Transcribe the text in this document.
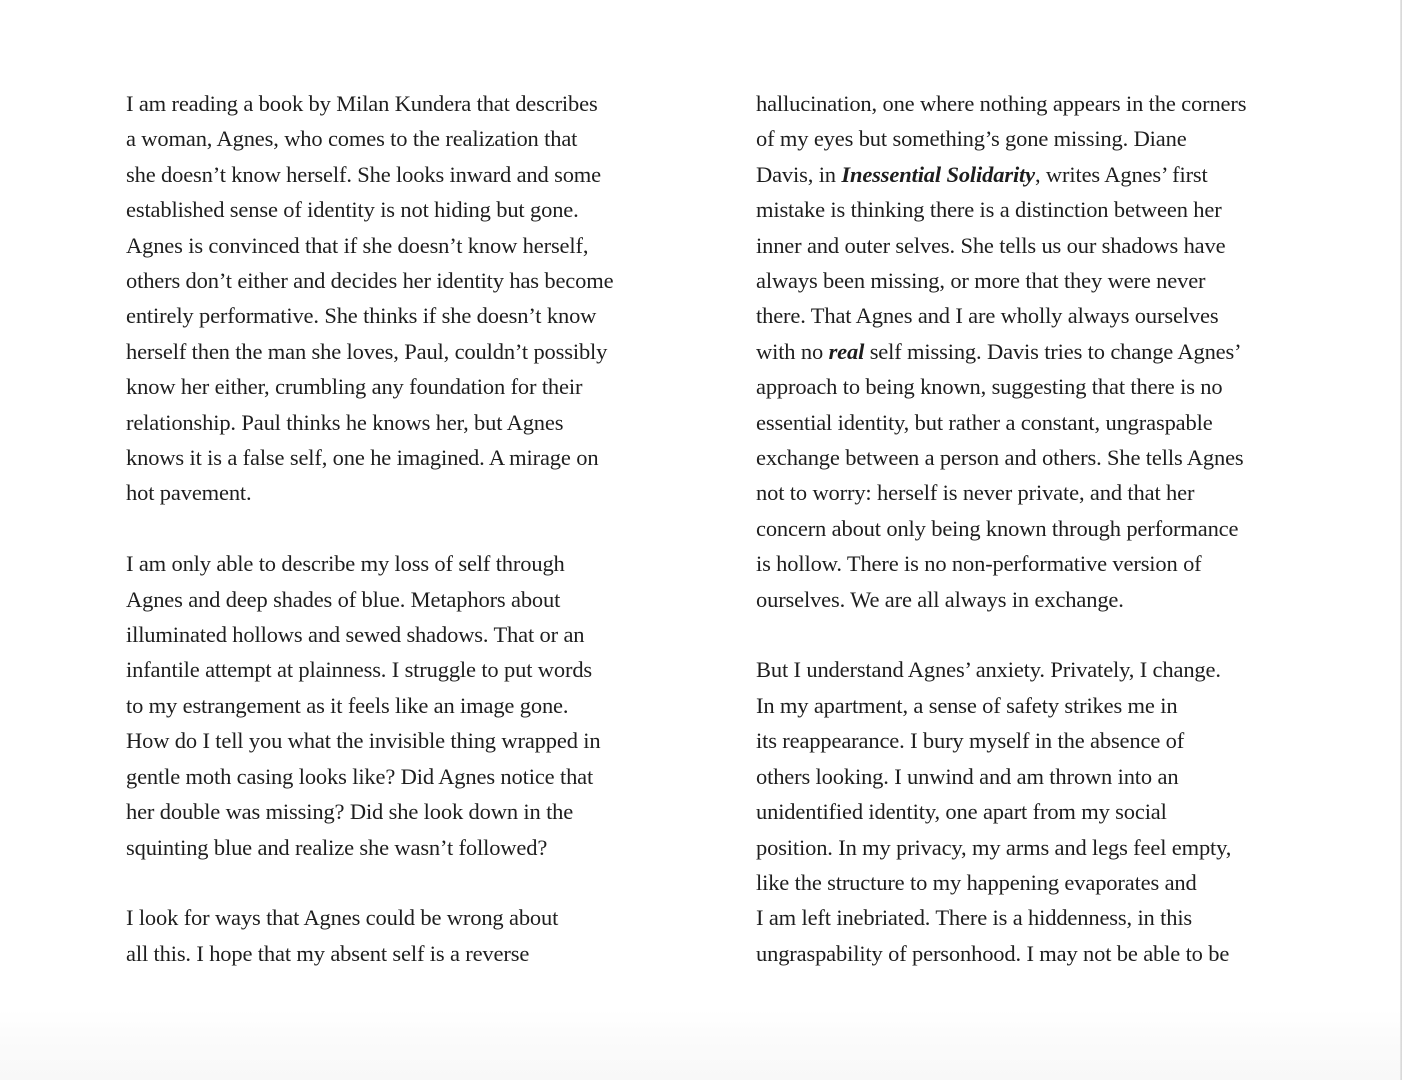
I am reading a book by Milan Kundera that describes
a woman, Agnes, who comes to the realization that
she doesn’t know herself. She looks inward and some
established sense of identity is not hiding but gone.
Agnes is convinced that if she doesn’t know herself,
others don’t either and decides her identity has become
entirely performative. She thinks if she doesn’t know
herself then the man she loves, Paul, couldn’t possibly
know her either, crumbling any foundation for their
relationship. Paul thinks he knows her, but Agnes
knows it is a false self, one he imagined. A mirage on
hot pavement.
I am only able to describe my loss of self through
Agnes and deep shades of blue. Metaphors about
illuminated hollows and sewed shadows. That or an
infantile attempt at plainness. I struggle to put words
to my estrangement as it feels like an image gone.
How do I tell you what the invisible thing wrapped in
gentle moth casing looks like? Did Agnes notice that
her double was missing? Did she look down in the
squinting blue and realize she wasn’t followed?
I look for ways that Agnes could be wrong about
all this. I hope that my absent self is a reverse
hallucination, one where nothing appears in the corners
of my eyes but something’s gone missing. Diane
Davis, in Inessential Solidarity, writes Agnes’ first
mistake is thinking there is a distinction between her
inner and outer selves. She tells us our shadows have
always been missing, or more that they were never
there. That Agnes and I are wholly always ourselves
with no real self missing. Davis tries to change Agnes’
approach to being known, suggesting that there is no
essential identity, but rather a constant, ungraspable
exchange between a person and others. She tells Agnes
not to worry: herself is never private, and that her
concern about only being known through performance
is hollow. There is no non-performative version of
ourselves. We are all always in exchange.
But I understand Agnes’ anxiety. Privately, I change.
In my apartment, a sense of safety strikes me in
its reappearance. I bury myself in the absence of
others looking. I unwind and am thrown into an
unidentified identity, one apart from my social
position. In my privacy, my arms and legs feel empty,
like the structure to my happening evaporates and
I am left inebriated. There is a hiddenness, in this
ungraspability of personhood. I may not be able to be
